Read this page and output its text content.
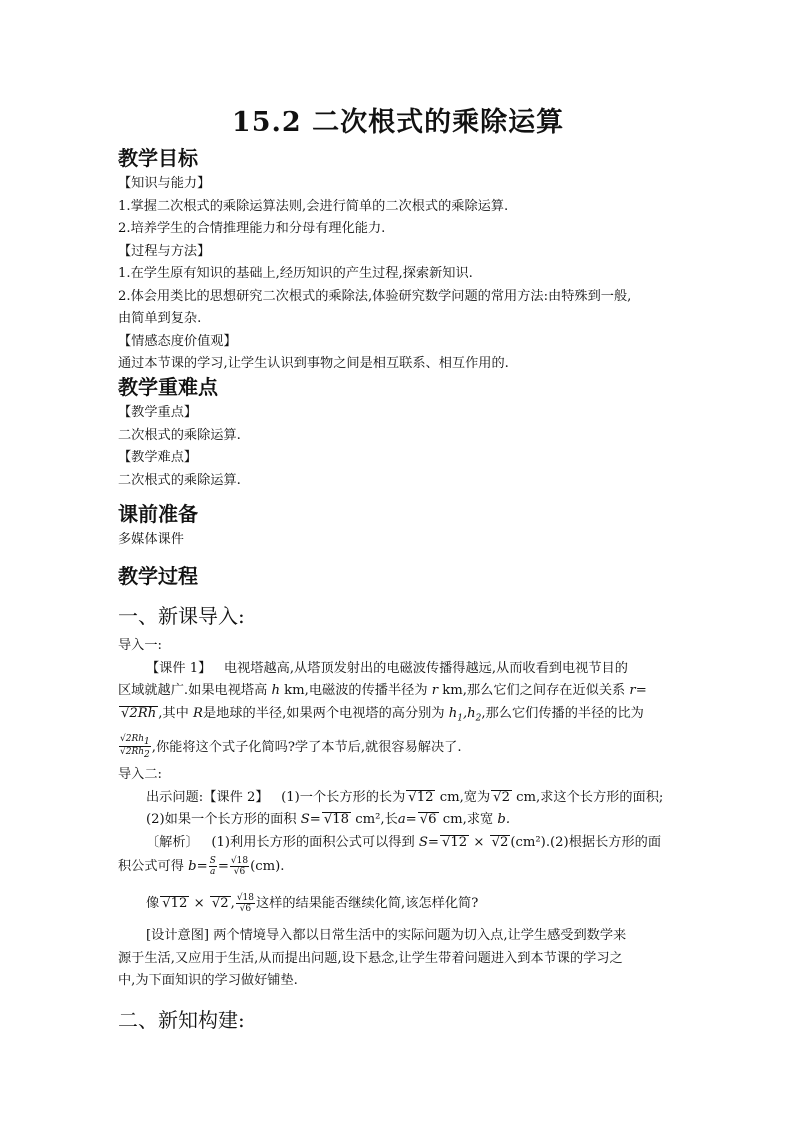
15.2 二次根式的乘除运算

教学目标

【知识与能力】

1.掌握二次根式的乘除运算法则,会进行简单的二次根式的乘除运算.

2.培养学生的合情推理能力和分母有理化能力.

【过程与方法】

1.在学生原有知识的基础上,经历知识的产生过程,探索新知识.

2.体会用类比的思想研究二次根式的乘除法,体验研究数学问题的常用方法:由特殊到一般,

由简单到复杂.

【情感态度价值观】

通过本节课的学习,让学生认识到事物之间是相互联系、相互作用的.

教学重难点

【教学重点】

二次根式的乘除运算.

【教学难点】

二次根式的乘除运算.

课前准备

多媒体课件

教学过程

一、新课导入:

导入一:

【课件 1】 电视塔越高,从塔顶发射出的电磁波传播得越远,从而收看到电视节目的

区域就越广.如果电视塔高 h km,电磁波的传播半径为 r km,那么它们之间存在近似关系 r=

√2Rh ,其中 R是地球的半径,如果两个电视塔的高分别为 $h_1,h_2$,那么它们传播的半径的比为

$\frac{√2Rh_1}{√2Rh_2}$ ,你能将这个式子化简吗?学了本节后,就很容易解决了.

导入二:

出示问题:【课件 2】 (1)一个长方形的长为 √12 cm,宽为 √2 cm,求这个长方形的面积;

(2)如果一个长方形的面积 S= √18 cm²,长a= √6 cm,求宽 b.

〔解析〕 (1)利用长方形的面积公式可以得到 S= √12 × √2 (cm²).(2)根据长方形的面

积公式可得 $b= \frac{S}{a} = \frac{√18}{√6} (cm)$.

像 √12 × √2 , $\frac{√18}{√6}$ 这样的结果能否继续化简,该怎样化简?

[设计意图] 两个情境导入都以日常生活中的实际问题为切入点,让学生感受到数学来

源于生活,又应用于生活,从而提出问题,设下悬念,让学生带着问题进入到本节课的学习之

中,为下面知识的学习做好铺垫.

二、新知构建:
